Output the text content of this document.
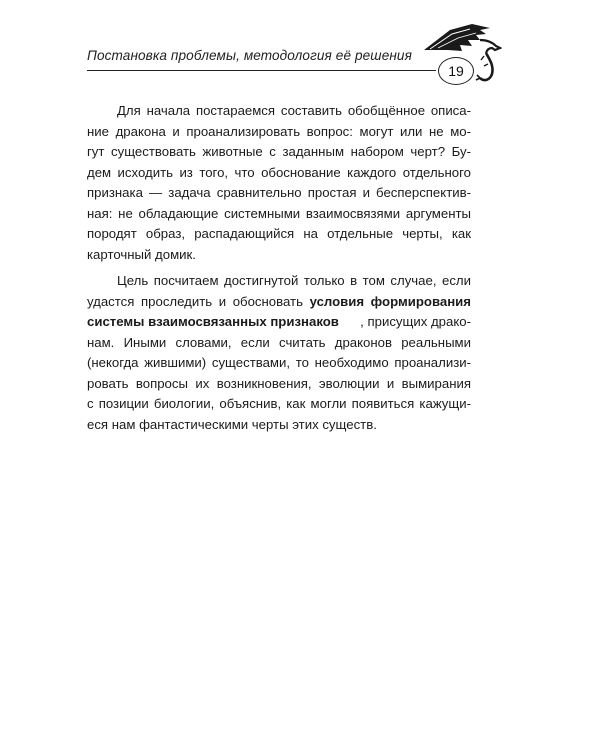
Постановка проблемы, методология её решения
19
Для начала постараемся составить обобщённое описа-
ние дракона и проанализировать вопрос: могут или не мо-
гут существовать животные с заданным набором черт? Бу-
дем исходить из того, что обоснование каждого отдельного
признака — задача сравнительно простая и бесперспектив-
ная: не обладающие системными взаимосвязями аргументы
породят образ, распадающийся на отдельные черты, как
карточный домик.
Цель посчитаем достигнутой только в том случае, если
удастся проследить и обосновать условия формирования
системы взаимосвязанных признаков , присущих драко-
нам. Иными словами, если считать драконов реальными
(некогда жившими) существами, то необходимо проанализи-
ровать вопросы их возникновения, эволюции и вымирания
с позиции биологии, объяснив, как могли появиться кажущи-
еся нам фантастическими черты этих существ.
